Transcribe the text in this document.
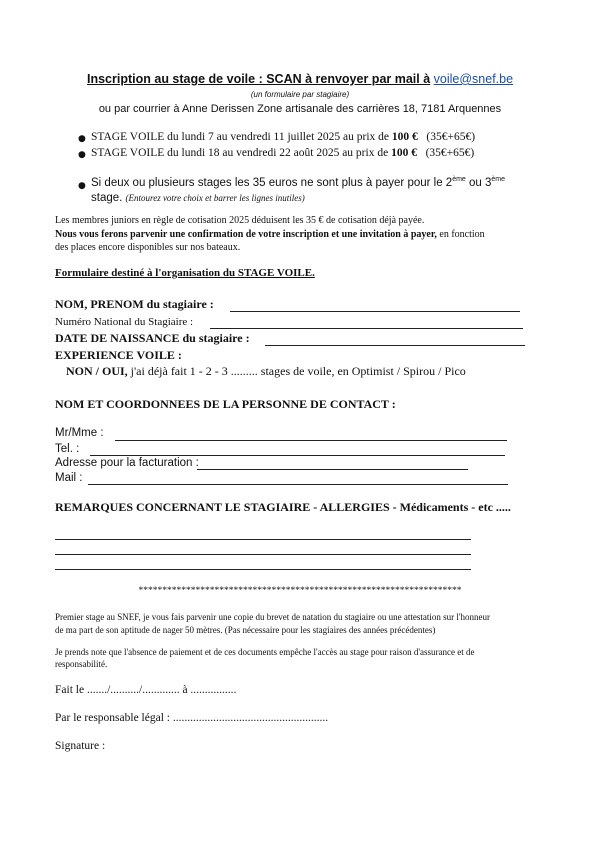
Inscription au stage de voile : SCAN à renvoyer par mail à voile@snef.be
(un formulaire par stagiaire)
ou par courrier à Anne Derissen Zone artisanale des carrières 18, 7181 Arquennes
● STAGE VOILE du lundi 7 au vendredi 11 juillet 2025 au prix de 100 € (35€+65€)
● STAGE VOILE du lundi 18 au vendredi 22 août 2025 au prix de 100 € (35€+65€)
● Si deux ou plusieurs stages les 35 euros ne sont plus à payer pour le 2ème ou 3ème
stage. (Entourez votre choix et barrer les lignes inutiles)
Les membres juniors en règle de cotisation 2025 déduisent les 35 € de cotisation déjà payée.
Nous vous ferons parvenir une confirmation de votre inscription et une invitation à payer, en fonction
des places encore disponibles sur nos bateaux.
Formulaire destiné à l'organisation du STAGE VOILE.
NOM, PRENOM du stagiaire :
Numéro National du Stagiaire :
DATE DE NAISSANCE du stagiaire :
EXPERIENCE VOILE :
NON / OUI, j'ai déjà fait 1 - 2 - 3 ......... stages de voile, en Optimist / Spirou / Pico
NOM ET COORDONNEES DE LA PERSONNE DE CONTACT :
Mr/Mme :
Tel. :
Adresse pour la facturation :
Mail :
REMARQUES CONCERNANT LE STAGIAIRE - ALLERGIES - Médicaments - etc .....
********************************************************************
Premier stage au SNEF, je vous fais parvenir une copie du brevet de natation du stagiaire ou une attestation sur l'honneur
de ma part de son aptitude de nager 50 mètres. (Pas nécessaire pour les stagiaires des années précédentes)
Je prends note que l'absence de paiement et de ces documents empêche l'accès au stage pour raison d'assurance et de
responsabilité.
Fait le ......./........../............. à ................
Par le responsable légal : ......................................................
Signature :
